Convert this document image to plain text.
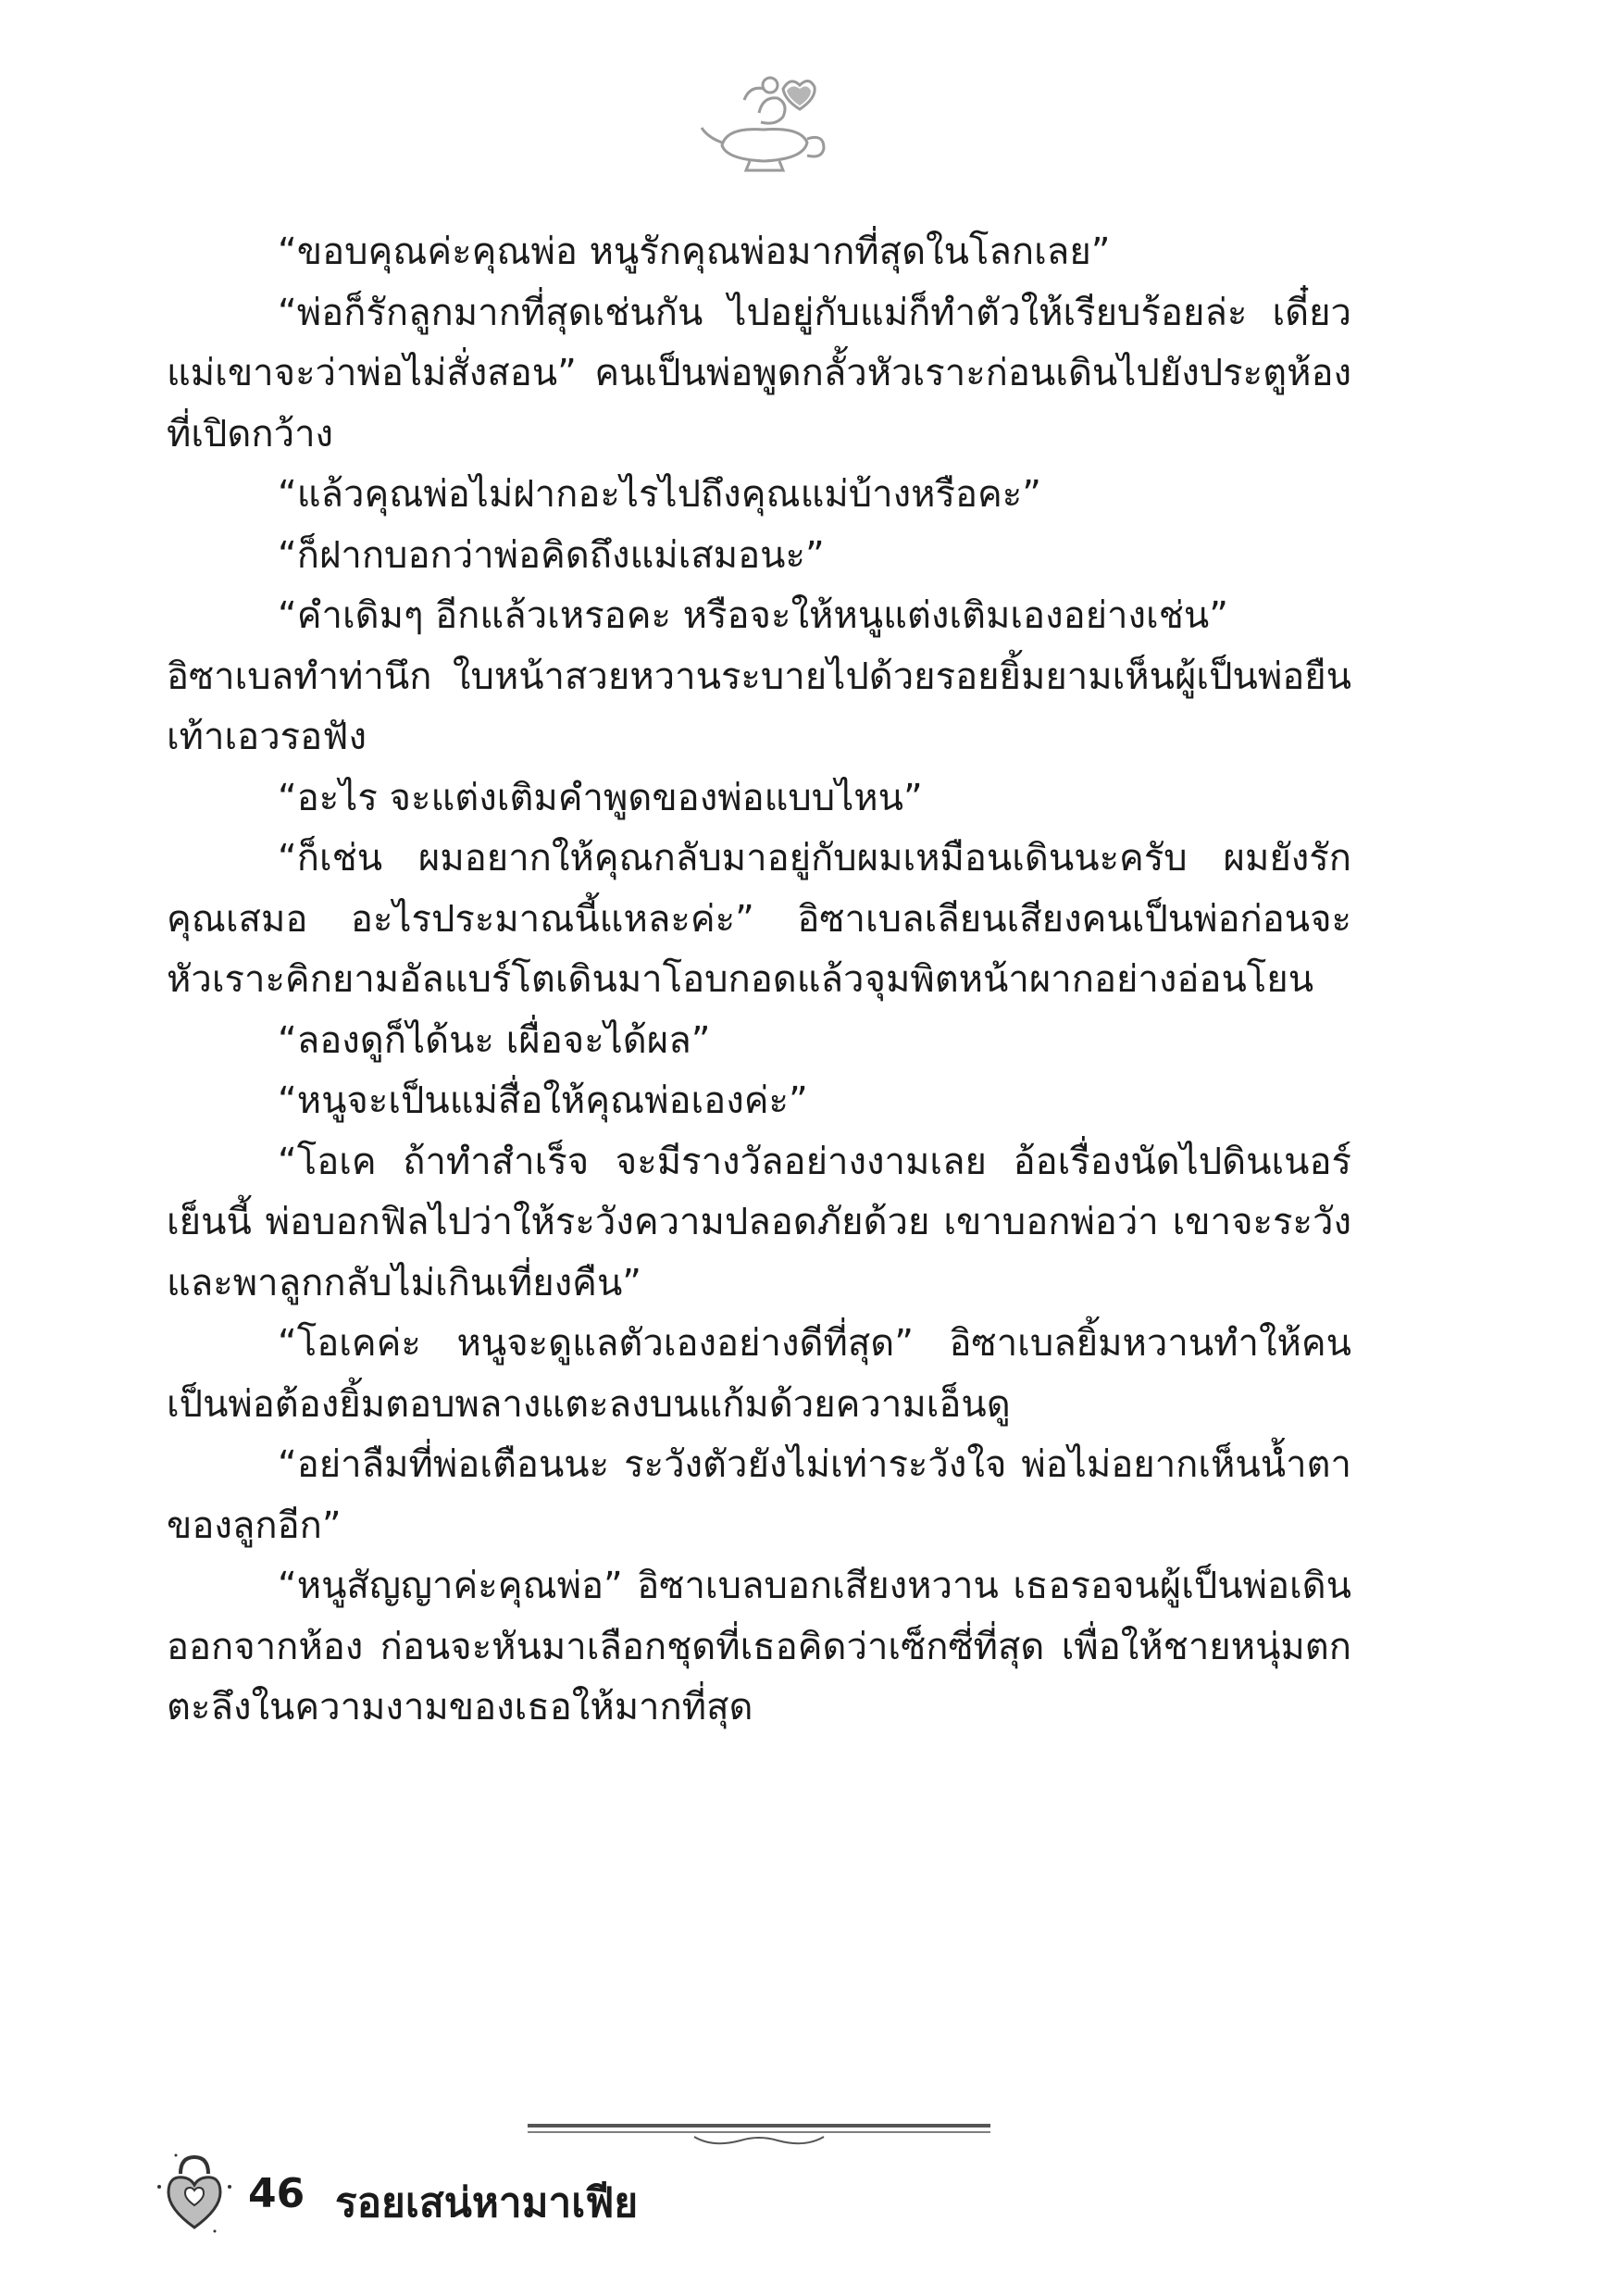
“ขอบคุณค่ะคุณพ่อ หนูรักคุณพ่อมากที่สุดในโลกเลย”

“พ่อก็รักลูกมากที่สุดเช่นกัน ไปอยู่กับแม่ก็ทำตัวให้เรียบร้อยล่ะ เดี๋ยวแม่เขาจะว่าพ่อไม่สั่งสอน” คนเป็นพ่อพูดกลั้วหัวเราะก่อนเดินไปยังประตูห้องที่เปิดกว้าง

“แล้วคุณพ่อไม่ฝากอะไรไปถึงคุณแม่บ้างหรือคะ”

“ก็ฝากบอกว่าพ่อคิดถึงแม่เสมอนะ”

“คำเดิมๆ อีกแล้วเหรอคะ หรือจะให้หนูแต่งเติมเองอย่างเช่น”

อิซาเบลทำท่านึก ใบหน้าสวยหวานระบายไปด้วยรอยยิ้มยามเห็นผู้เป็นพ่อยืนเท้าเอวรอฟัง

“อะไร จะแต่งเติมคำพูดของพ่อแบบไหน”

“ก็เช่น ผมอยากให้คุณกลับมาอยู่กับผมเหมือนเดินนะครับ ผมยังรักคุณเสมอ อะไรประมาณนี้แหละค่ะ” อิซาเบลเลียนเสียงคนเป็นพ่อก่อนจะหัวเราะคิกยามอัลแบร์โตเดินมาโอบกอดแล้วจุมพิตหน้าผากอย่างอ่อนโยน

“ลองดูก็ได้นะ เผื่อจะได้ผล”

“หนูจะเป็นแม่สื่อให้คุณพ่อเองค่ะ”

“โอเค ถ้าทำสำเร็จ จะมีรางวัลอย่างงามเลย อ้อเรื่องนัดไปดินเนอร์เย็นนี้ พ่อบอกฟิลไปว่าให้ระวังความปลอดภัยด้วย เขาบอกพ่อว่า เขาจะระวังและพาลูกกลับไม่เกินเที่ยงคืน”

“โอเคค่ะ หนูจะดูแลตัวเองอย่างดีที่สุด” อิซาเบลยิ้มหวานทำให้คนเป็นพ่อต้องยิ้มตอบพลางแตะลงบนแก้มด้วยความเอ็นดู

“อย่าลืมที่พ่อเตือนนะ ระวังตัวยังไม่เท่าระวังใจ พ่อไม่อยากเห็นน้ำตาของลูกอีก”

“หนูสัญญาค่ะคุณพ่อ” อิซาเบลบอกเสียงหวาน เธอรอจนผู้เป็นพ่อเดินออกจากห้อง ก่อนจะหันมาเลือกชุดที่เธอคิดว่าเซ็กซี่ที่สุด เพื่อให้ชายหนุ่มตกตะลึงในความงามของเธอให้มากที่สุด

46 รอยเสน่หามาเฟีย
